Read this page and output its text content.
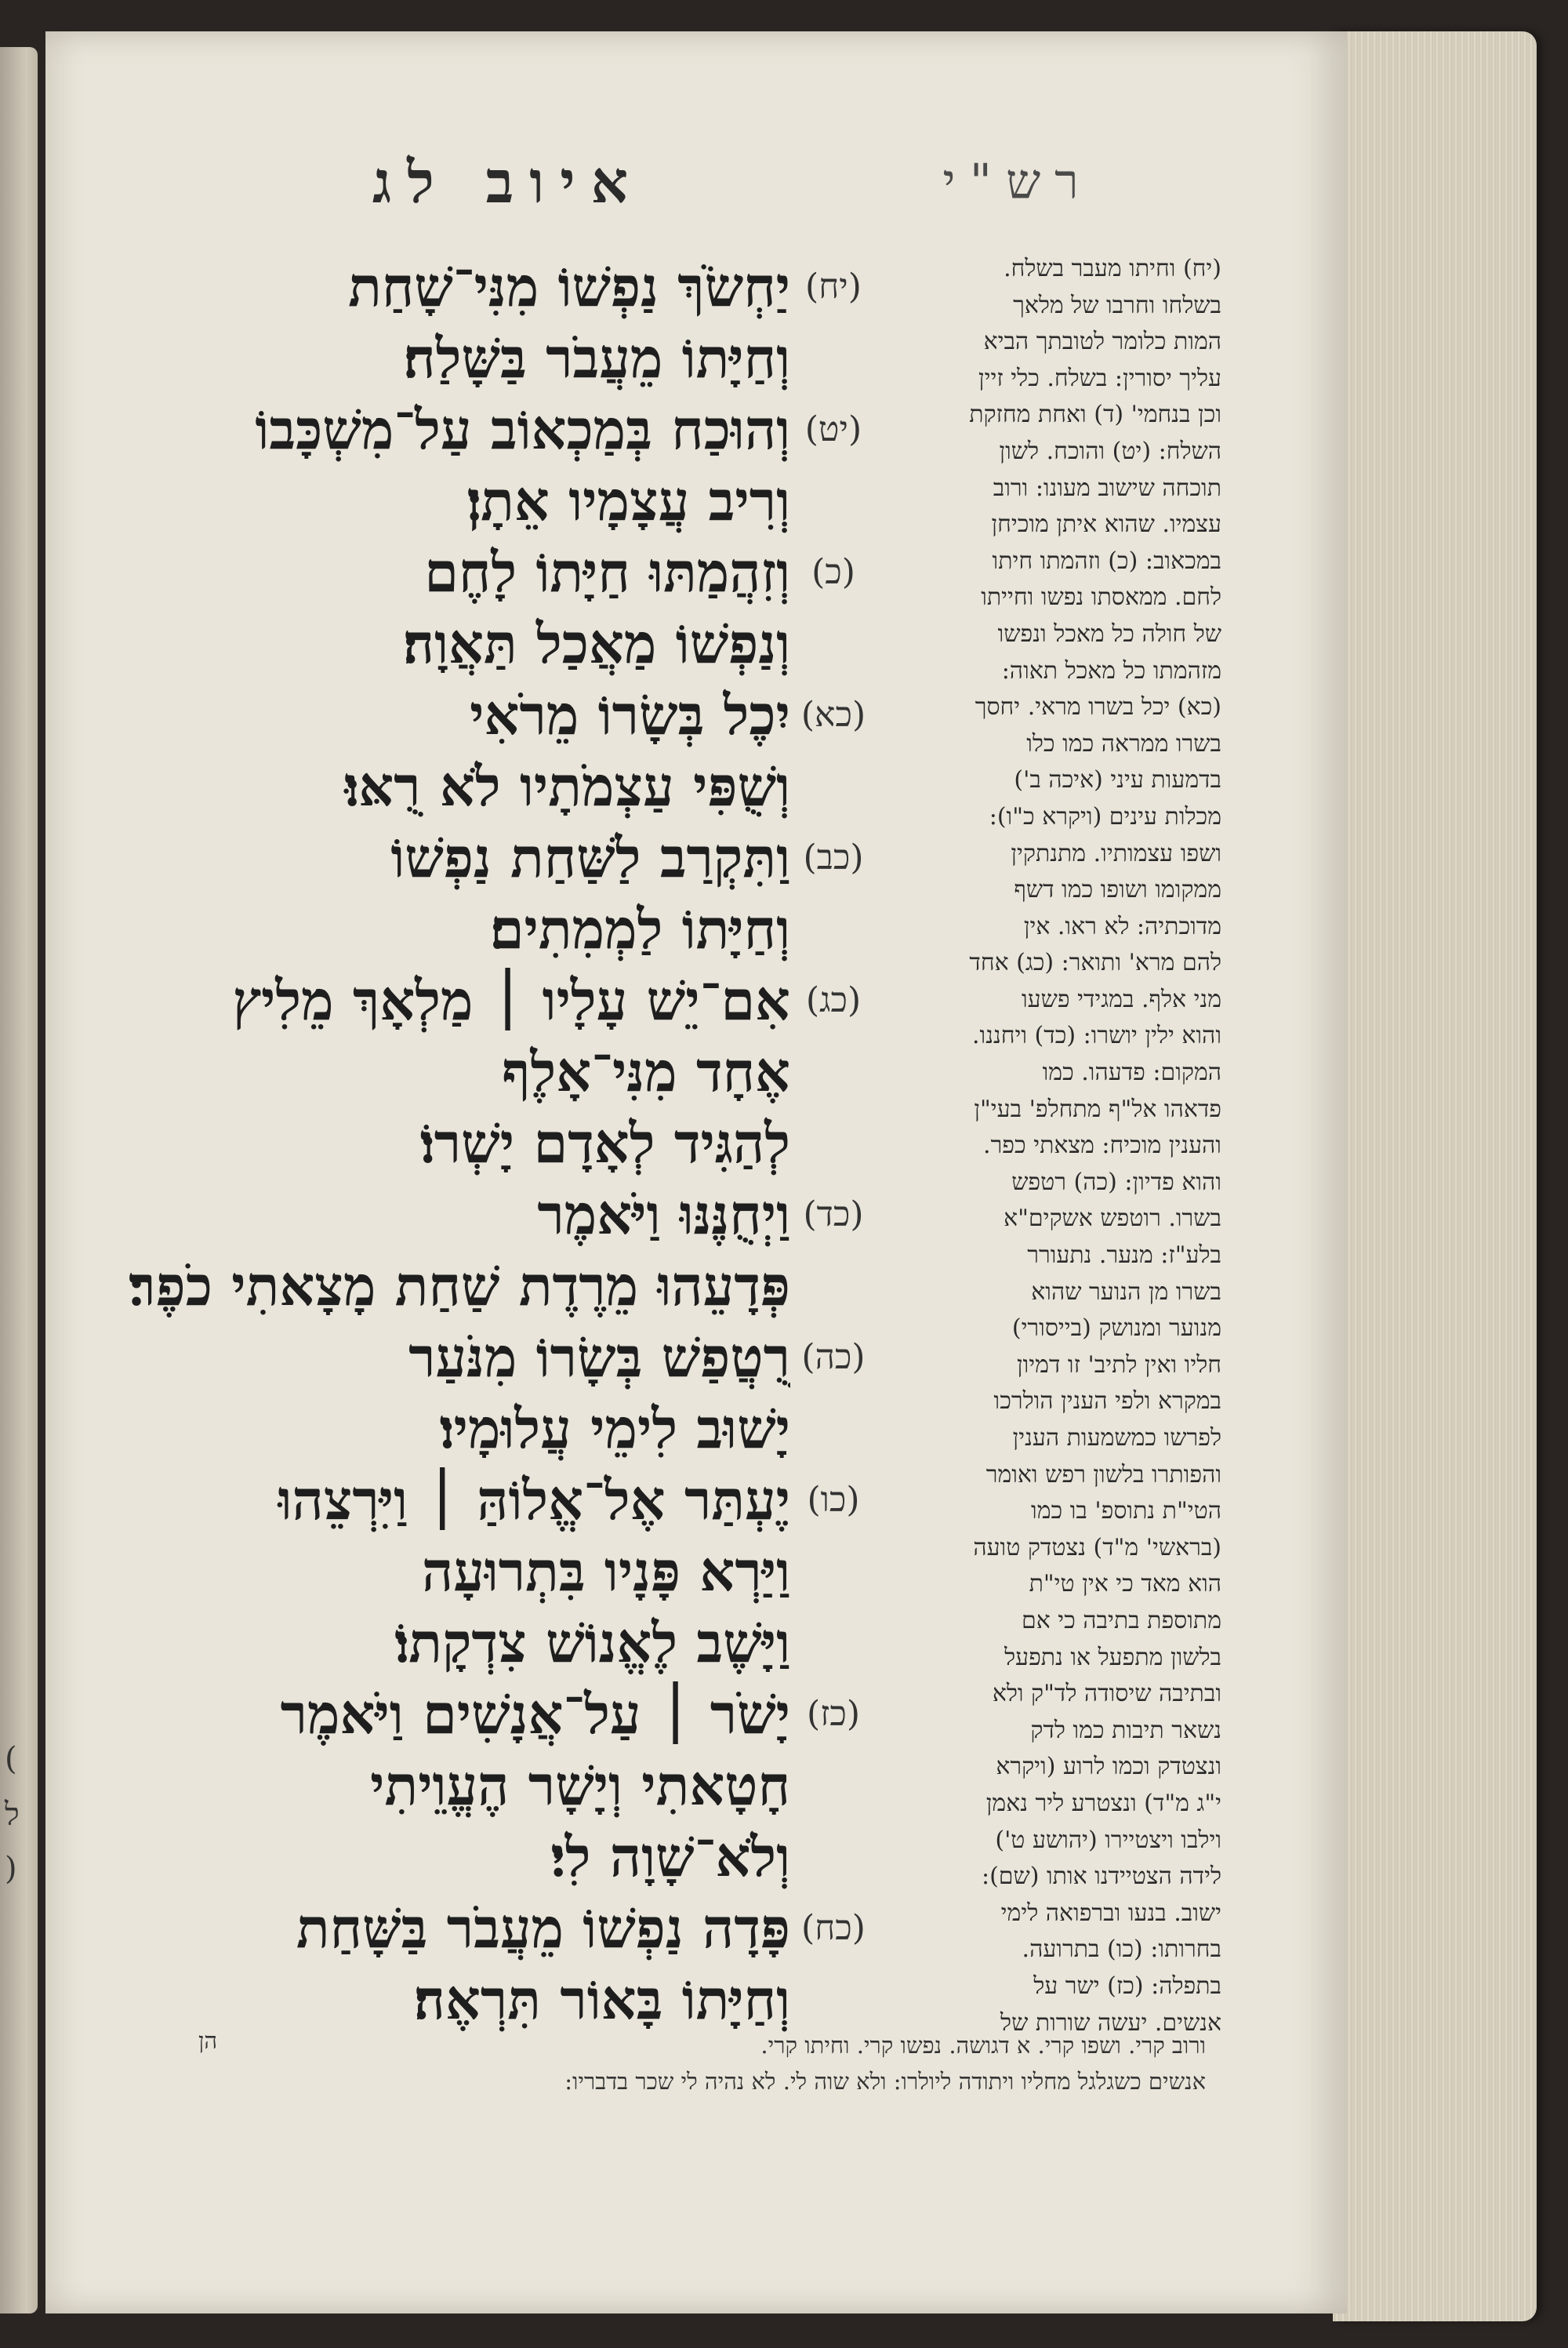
(
ל
)
רש"י
איוב לג
(יח)
יַחְשֹׂךְ נַפְשׁוֹ מִנִּי־שָׁחַת
וְחַיָּתוֹ מֵעֲבֹר בַּשָּׁלַח׃
(יט)
וְהוּכַח בְּמַכְאוֹב עַל־מִשְׁכָּבוֹ
וְרִיב עֲצָמָיו אֵתָן׃
(כ)
וְזִהֲמַתּוּ חַיָּתוֹ לָחֶם
וְנַפְשׁוֹ מַאֲכַל תַּאֲוָה׃
(כא)
יִכֶל בְּשָׂרוֹ מֵרֹאִי
וְשֻׁפִּי עַצְמֹתָיו לֹא רֻאּוּ׃
(כב)
וַתִּקְרַב לַשַּׁחַת נַפְשׁוֹ
וְחַיָּתוֹ לַמְמִתִים׃
(כג)
אִם־יֵשׁ עָלָיו ׀ מַלְאָךְ מֵלִיץ
אֶחָד מִנִּי־אָלֶף
לְהַגִּיד לְאָדָם יָשְׁרוֹ׃
(כד)
וַיְחֻנֶּנּוּ וַיֹּאמֶר
פְּדָעֵהוּ מֵרֶדֶת שַׁחַת מָצָאתִי כֹפֶר׃
(כה)
רֻטֲפַשׁ בְּשָׂרוֹ מִנֹּעַר
יָשׁוּב לִימֵי עֲלוּמָיו׃
(כו)
יֶעְתַּר אֶל־אֱלוֹהַּ ׀ וַיִּרְצֵהוּ
וַיַּרְא פָּנָיו בִּתְרוּעָה
וַיָּשֶׁב לֶאֱנוֹשׁ צִדְקָתוֹ׃
(כז)
יָשֹׁר ׀ עַל־אֲנָשִׁים וַיֹּאמֶר
חָטָאתִי וְיָשָׁר הֶעֱוֵיתִי
וְלֹא־שָׁוָה לִי׃
(כח)
פָּדָה נַפְשׁוֹ מֵעֲבֹר בַּשָּׁחַת
וְחַיָּתוֹ בָּאוֹר תִּרְאֶה׃
(יח) וחיתו מעבר בשלח.
בשלחו וחרבו של מלאך
המות כלומר לטובתך הביא
עליך יסורין: בשלח. כלי זיין
וכן בנחמי' (ד) ואחת מחזקת
השלח: (יט) והוכח. לשון
תוכחה שישוב מעונו: ורוב
עצמיו. שהוא איתן מוכיחן
במכאוב: (כ) וזהמתו חיתו
לחם. ממאסתו נפשו וחייתו
של חולה כל מאכל ונפשו
מזהמתו כל מאכל תאוה:
(כא) יכל בשרו מראי. יחסך
בשרו ממראה כמו כלו
בדמעות עיני (איכה ב')
מכלות עינים (ויקרא כ"ו):
ושפו עצמותיו. מתנתקין
ממקומו ושופו כמו דשף
מדוכתיה: לא ראו. אין
להם מרא' ותואר: (כג) אחד
מני אלף. במגידי פשעו
והוא ילין יושרו: (כד) ויחננו.
המקום: פדעהו. כמו
פדאהו אל"ף מתחלפ' בעי"ן
והענין מוכיח: מצאתי כפר.
והוא פדיון: (כה) רטפש
בשרו. רוטפש אשקים"א
בלע"ז: מנער. נתעורר
בשרו מן הנוער שהוא
מנוער ומנושק (בייסורי)
חליו ואין לתיב' זו דמיון
במקרא ולפי הענין הולרכו
לפרשו כמשמעות הענין
והפותרו בלשון רפש ואומר
הטי"ת נתוספ' בו כמו
(בראשי' מ"ד) נצטדק טועה
הוא מאד כי אין טי"ת
מתוספת בתיבה כי אם
בלשון מתפעל או נתפעל
ובתיבה שיסודה לד"ק ולא
נשאר תיבות כמו לדק
ונצטדק וכמו לרוע (ויקרא
י"ג מ"ד) ונצטרע ליר נאמן
וילבו ויצטיירו (יהושע ט')
לידה הצטיידנו אותו (שם):
ישוב. בנעו וברפואה לימי
בחרותו: (כו) בתרועה.
בתפלה: (כז) ישר על
אנשים. יעשה שורות של
ורוב קרי. ושפו קרי. א דגושה. נפשו קרי. וחיתו קרי.
אנשים כשגלגל מחליו ויתודה ליולרו: ולא שוה לי. לא נהיה לי שכר בדבריו:
הן
